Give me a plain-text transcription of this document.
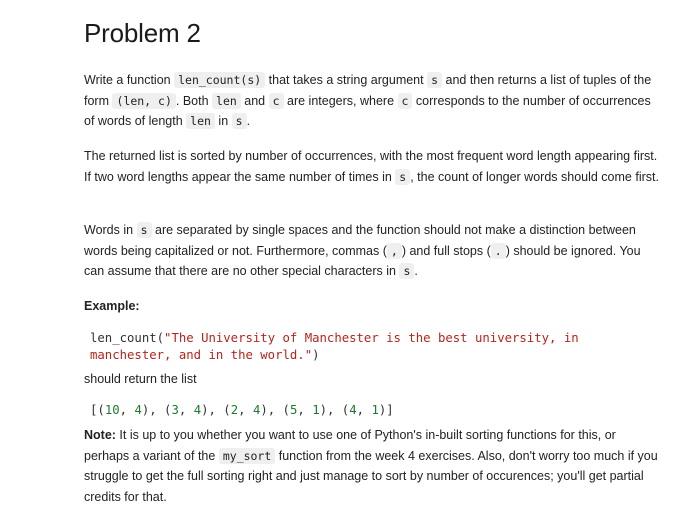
Problem 2

Write a function len_count(s) that takes a string argument s and then returns a list of tuples of the form (len, c) . Both len and c are integers, where c corresponds to the number of occurrences of words of length len in s .

The returned list is sorted by number of occurrences, with the most frequent word length appearing first. If two word lengths appear the same number of times in s , the count of longer words should come first.

Words in s are separated by single spaces and the function should not make a distinction between words being capitalized or not. Furthermore, commas ( , ) and full stops ( . ) should be ignored. You can assume that there are no other special characters in s .

Example:

len_count("The University of Manchester is the best university, in manchester, and in the world.")

should return the list

[(10, 4), (3, 4), (2, 4), (5, 1), (4, 1)]

Note: It is up to you whether you want to use one of Python's in-built sorting functions for this, or perhaps a variant of the my_sort function from the week 4 exercises. Also, don't worry too much if you struggle to get the full sorting right and just manage to sort by number of occurences; you'll get partial credits for that.
